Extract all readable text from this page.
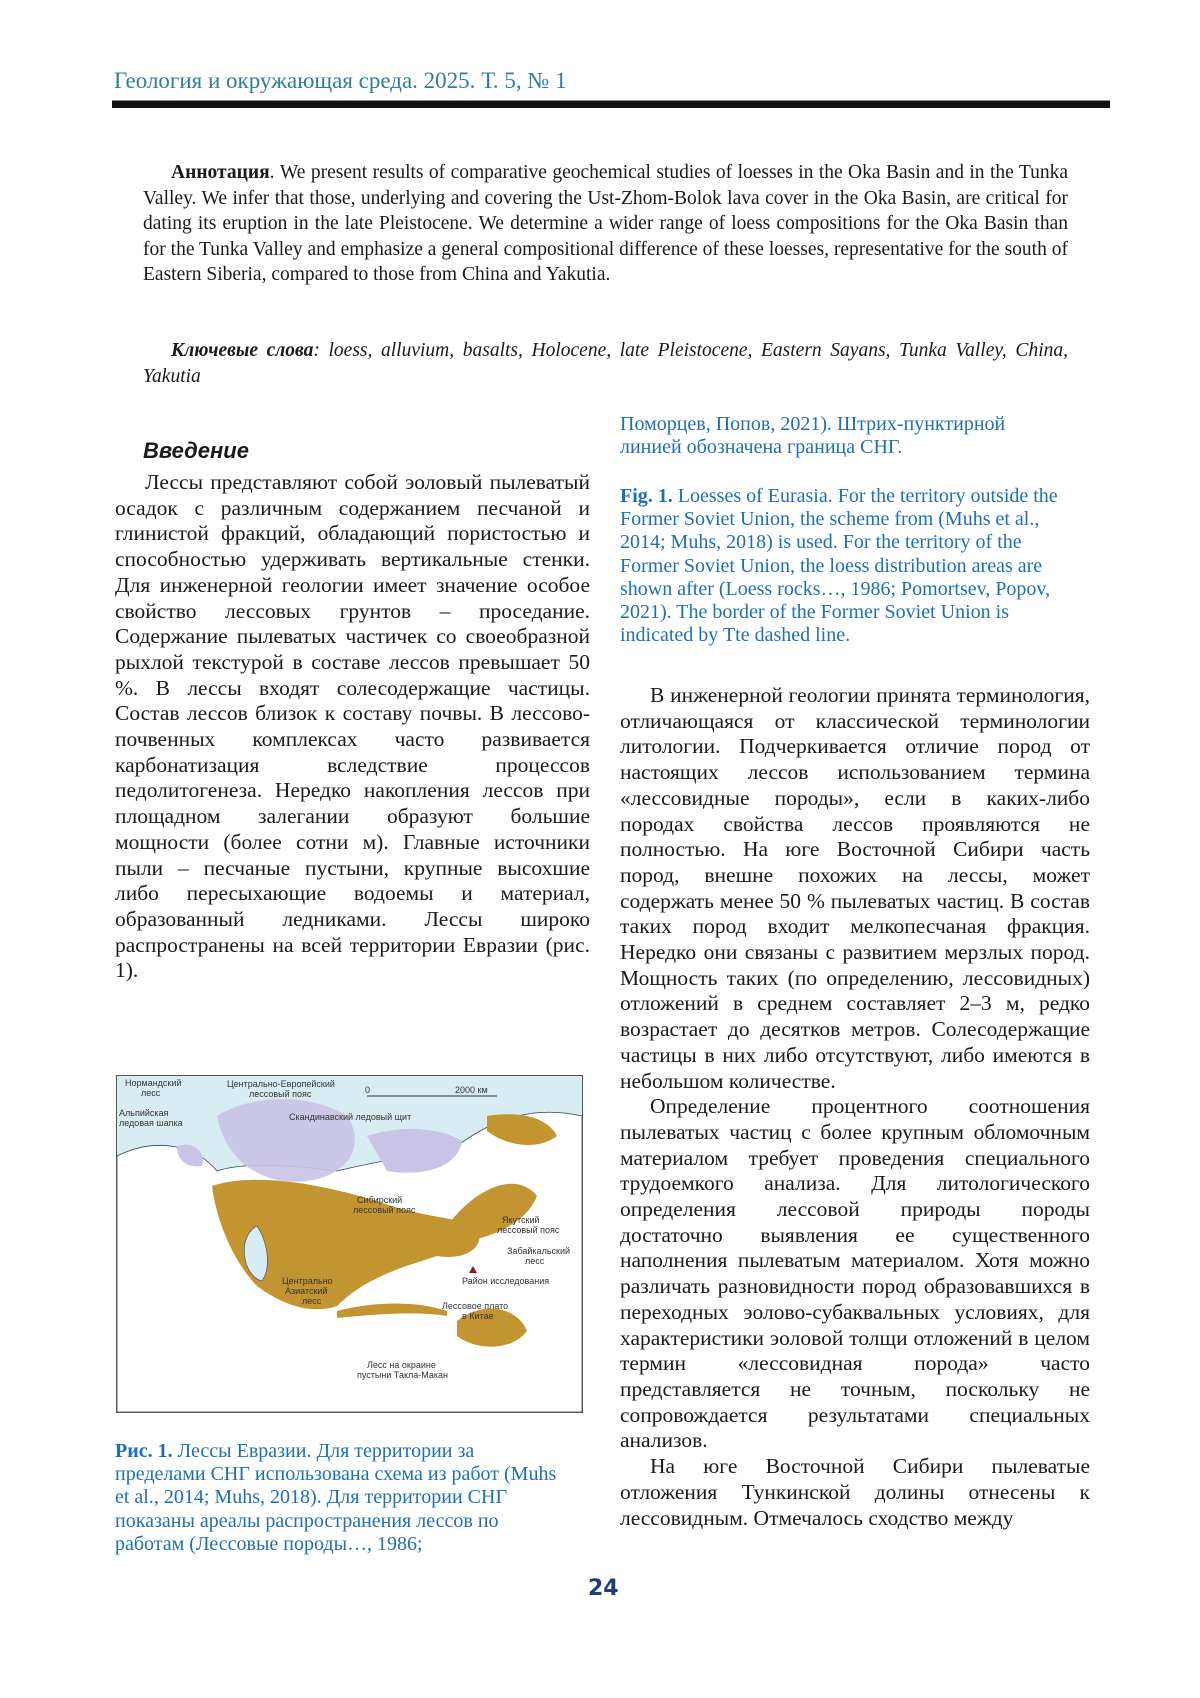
Геология и окружающая среда. 2025. Т. 5, № 1
Аннотация. We present results of comparative geochemical studies of loesses in the Oka Basin and in the Tunka Valley. We infer that those, underlying and covering the Ust-Zhom-Bolok lava cover in the Oka Basin, are critical for dating its eruption in the late Pleistocene. We determine a wider range of loess compositions for the Oka Basin than for the Tunka Valley and emphasize a general compositional difference of these loesses, representative for the south of Eastern Siberia, compared to those from China and Yakutia.
Ключевые слова: loess, alluvium, basalts, Holocene, late Pleistocene, Eastern Sayans, Tunka Valley, China, Yakutia
Введение

Лессы представляют собой эоловый пылеватый осадок с различным содержанием песчаной и глинистой фракций, обладающий пористостью и способностью удерживать вертикальные стенки. Для инженерной геологии имеет значение особое свойство лессовых грунтов – проседание. Содержание пылеватых частичек со своеобразной рыхлой текстурой в составе лессов превышает 50 %. В лессы входят солесодержащие частицы. Состав лессов близок к составу почвы. В лессово-почвенных комплексах часто развивается карбонатизация вследствие процессов педолитогенеза. Нередко накопления лессов при площадном залегании образуют большие мощности (более сотни м). Главные источники пыли – песчаные пустыни, крупные высохшие либо пересыхающие водоемы и материал, образованный ледниками. Лессы широко распространены на всей территории Евразии (рис. 1).

Нормандский
лесс
Центрально-Европейский
лессовый пояс	0	2000 км
Альпийская
ледовая шапка
Скандинавский ледовый щит
Сибирский
лессовый пояс
Якутский
лессовый пояс
Забайкальский
лесс
Район исследования
Центрально
Азиатский
лесс	Лессовое плато
в Китае
Лесс на окраине
пустыни Такла-Макан
Рис. 1. Лессы Евразии. Для территории за пределами СНГ использована схема из работ (Muhs et al., 2014; Muhs, 2018). Для территории СНГ показаны ареалы распространения лессов по работам (Лессовые породы…, 1986;
Поморцев, Попов, 2021). Штрих-пунктирной линией обозначена граница СНГ.
Fig. 1. Loesses of Eurasia. For the territory outside the Former Soviet Union, the scheme from (Muhs et al., 2014; Muhs, 2018) is used. For the territory of the Former Soviet Union, the loess distribution areas are shown after (Loess rocks…, 1986; Pomortsev, Popov, 2021). The border of the Former Soviet Union is indicated by Tte dashed line.

В инженерной геологии принята терминология, отличающаяся от классической терминологии литологии. Подчеркивается отличие пород от настоящих лессов использованием термина «лессовидные породы», если в каких-либо породах свойства лессов проявляются не полностью. На юге Восточной Сибири часть пород, внешне похожих на лессы, может содержать менее 50 % пылеватых частиц. В состав таких пород входит мелкопесчаная фракция. Нередко они связаны с развитием мерзлых пород. Мощность таких (по определению, лессовидных) отложений в среднем составляет 2–3 м, редко возрастает до десятков метров. Солесодержащие частицы в них либо отсутствуют, либо имеются в небольшом количестве.

Определение процентного соотношения пылеватых частиц с более крупным обломочным материалом требует проведения специального трудоемкого анализа. Для литологического определения лессовой природы породы достаточно выявления ее существенного наполнения пылеватым материалом. Хотя можно различать разновидности пород образовавшихся в переходных эолово-субаквальных условиях, для характеристики эоловой толщи отложений в целом термин «лессовидная порода» часто представляется не точным, поскольку не сопровождается результатами специальных анализов.

На юге Восточной Сибири пылеватые отложения Тункинской долины отнесены к лессовидным. Отмечалось сходство между

24
